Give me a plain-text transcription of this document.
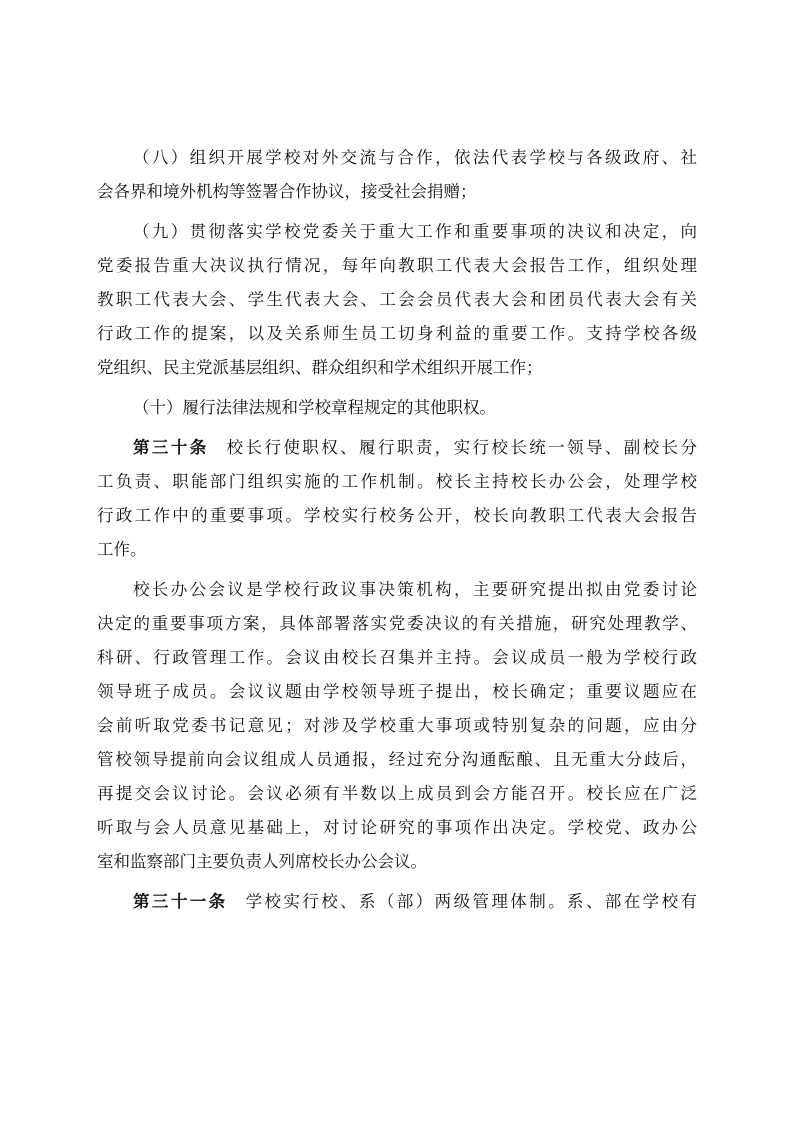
（八）组织开展学校对外交流与合作，依法代表学校与各级政府、社
会各界和境外机构等签署合作协议，接受社会捐赠；
（九）贯彻落实学校党委关于重大工作和重要事项的决议和决定，向
党委报告重大决议执行情况，每年向教职工代表大会报告工作，组织处理
教职工代表大会、学生代表大会、工会会员代表大会和团员代表大会有关
行政工作的提案，以及关系师生员工切身利益的重要工作。支持学校各级
党组织、民主党派基层组织、群众组织和学术组织开展工作；
（十）履行法律法规和学校章程规定的其他职权。
第三十条 校长行使职权、履行职责，实行校长统一领导、副校长分
工负责、职能部门组织实施的工作机制。校长主持校长办公会，处理学校
行政工作中的重要事项。学校实行校务公开，校长向教职工代表大会报告
工作。
校长办公会议是学校行政议事决策机构，主要研究提出拟由党委讨论
决定的重要事项方案，具体部署落实党委决议的有关措施，研究处理教学、
科研、行政管理工作。会议由校长召集并主持。会议成员一般为学校行政
领导班子成员。会议议题由学校领导班子提出，校长确定；重要议题应在
会前听取党委书记意见；对涉及学校重大事项或特别复杂的问题，应由分
管校领导提前向会议组成人员通报，经过充分沟通酝酿、且无重大分歧后，
再提交会议讨论。会议必须有半数以上成员到会方能召开。校长应在广泛
听取与会人员意见基础上，对讨论研究的事项作出决定。学校党、政办公
室和监察部门主要负责人列席校长办公会议。
第三十一条 学校实行校、系（部）两级管理体制。系、部在学校有
